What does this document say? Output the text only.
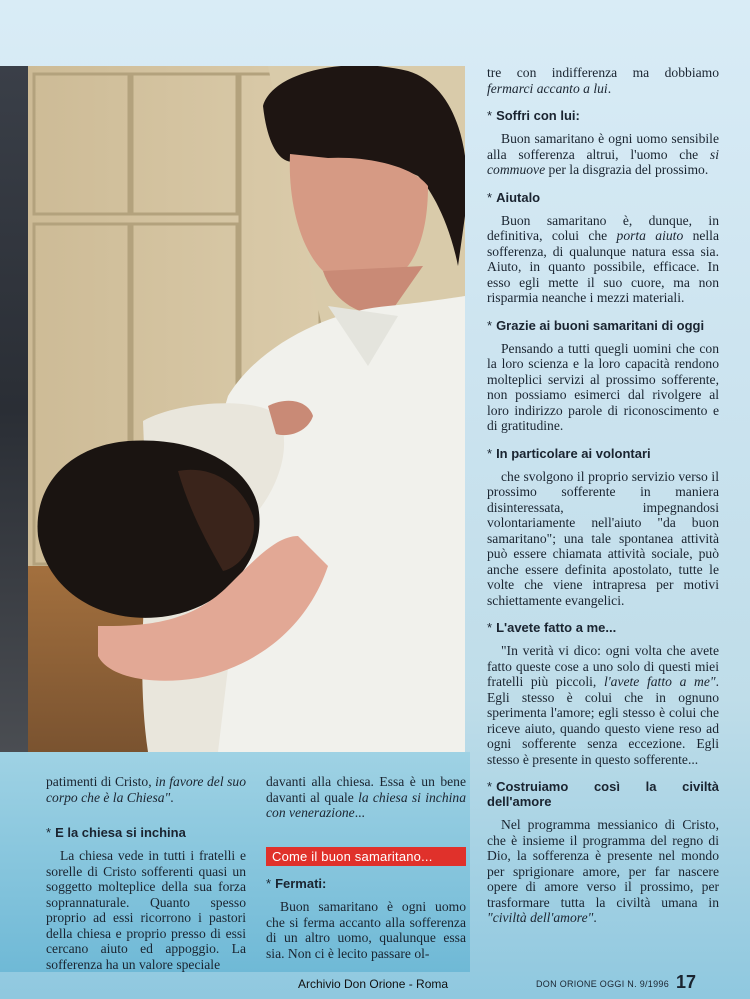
tre con indifferenza ma dobbiamo fermarci accanto a lui.

* Soffri con lui:

Buon samaritano è ogni uomo sensibile alla sofferenza altrui, l'uomo che si commuove per la disgrazia del prossimo.

* Aiutalo

Buon samaritano è, dunque, in definitiva, colui che porta aiuto nella sofferenza, di qualunque natura essa sia. Aiuto, in quanto possibile, efficace. In esso egli mette il suo cuore, ma non risparmia neanche i mezzi materiali.

* Grazie ai buoni samaritani di oggi

Pensando a tutti quegli uomini che con la loro scienza e la loro capacità rendono molteplici servizi al prossimo sofferente, non possiamo esimerci dal rivolgere al loro indirizzo parole di riconoscimento e di gratitudine.

* In particolare ai volontari

che svolgono il proprio servizio verso il prossimo sofferente in maniera disinteressata, impegnandosi volontariamente nell'aiuto "da buon samaritano"; una tale spontanea attività può essere chiamata attività sociale, può anche essere definita apostolato, tutte le volte che viene intrapresa per motivi schiettamente evangelici.

* L'avete fatto a me...

"In verità vi dico: ogni volta che avete fatto queste cose a uno solo di questi miei fratelli più piccoli, l'avete fatto a me". Egli stesso è colui che in ognuno sperimenta l'amore; egli stesso è colui che riceve aiuto, quando questo viene reso ad ogni sofferente senza eccezione. Egli stesso è presente in questo sofferente...

* Costruiamo così la civiltà dell'amore

Nel programma messianico di Cristo, che è insieme il programma del regno di Dio, la sofferenza è presente nel mondo per sprigionare amore, per far nascere opere di amore verso il prossimo, per trasformare tutta la civiltà umana in "civiltà dell'amore".

patimenti di Cristo, in favore del suo corpo che è la Chiesa".

* E la chiesa si inchina

La chiesa vede in tutti i fratelli e sorelle di Cristo sofferenti quasi un soggetto molteplice della sua forza soprannaturale. Quanto spesso proprio ad essi ricorrono i pastori della chiesa e proprio presso di essi cercano aiuto ed appoggio. La sofferenza ha un valore speciale

davanti alla chiesa. Essa è un bene davanti al quale la chiesa si inchina con venerazione...

Come il buon samaritano...
* Fermati:

Buon samaritano è ogni uomo che si ferma accanto alla sofferenza di un altro uomo, qualunque essa sia. Non ci è lecito passare ol-

Archivio Don Orione - Roma	DON ORIONE OGGI N. 9/1996 17
